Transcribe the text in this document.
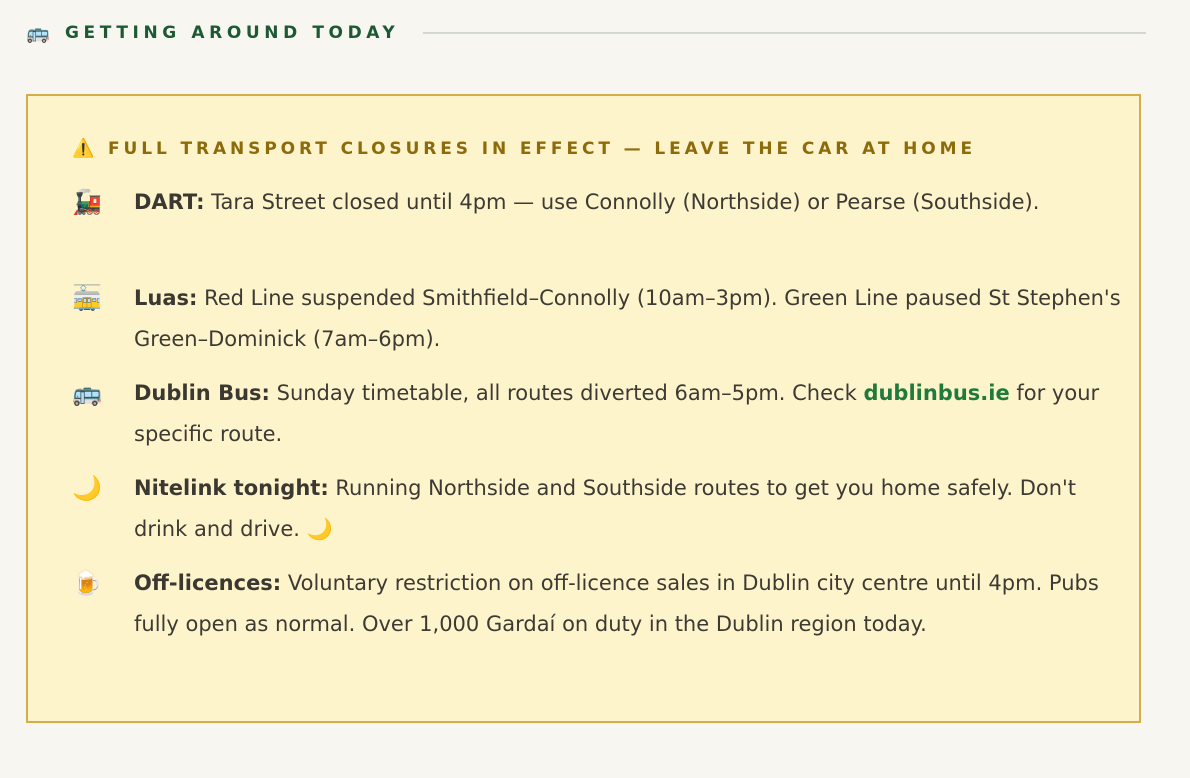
🚌 GETTING AROUND TODAY
⚠️ FULL TRANSPORT CLOSURES IN EFFECT — LEAVE THE CAR AT HOME
🚂 DART: Tara Street closed until 4pm — use Connolly (Northside) or Pearse (Southside).
🚋 Luas: Red Line suspended Smithfield–Connolly (10am–3pm). Green Line paused St Stephen's Green–Dominick (7am–6pm).
🚌 Dublin Bus: Sunday timetable, all routes diverted 6am–5pm. Check dublinbus.ie for your specific route.
🌙 Nitelink tonight: Running Northside and Southside routes to get you home safely. Don't drink and drive. 🌙
🍺 Off-licences: Voluntary restriction on off-licence sales in Dublin city centre until 4pm. Pubs fully open as normal. Over 1,000 Gardaí on duty in the Dublin region today.
